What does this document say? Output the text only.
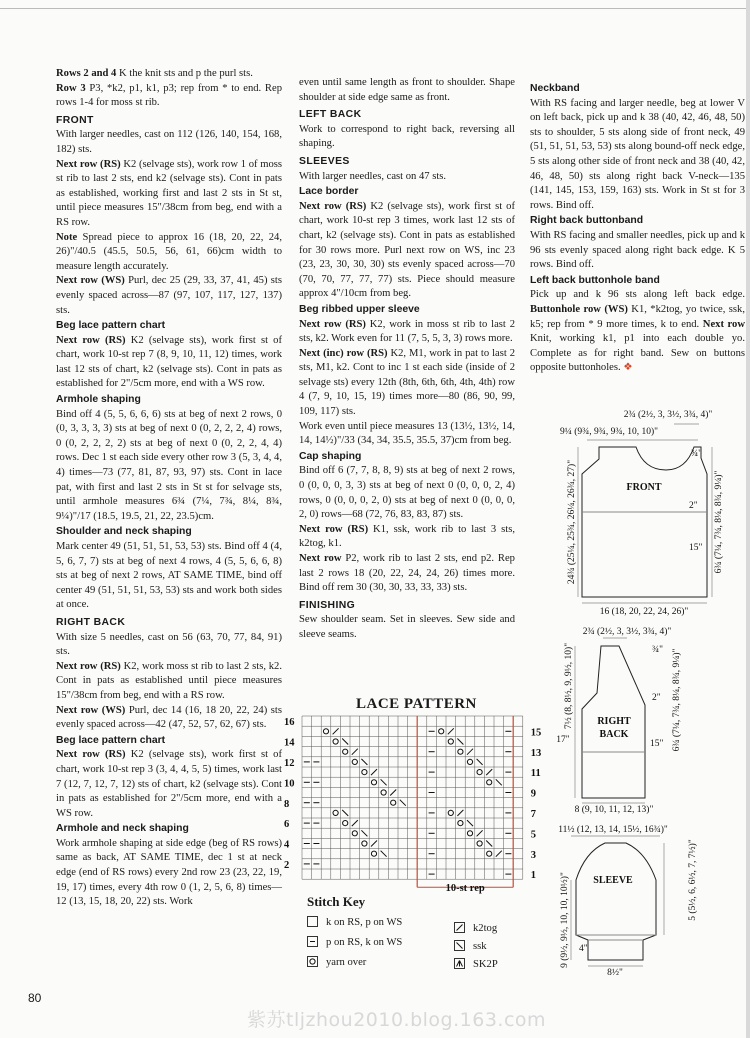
Rows 2 and 4 K the knit sts and p the purl sts.

Row 3 P3, *k2, p1, k1, p3; rep from * to end. Rep rows 1-4 for moss st rib.

FRONT

With larger needles, cast on 112 (126, 140, 154, 168, 182) sts.

Next row (RS) K2 (selvage sts), work row 1 of moss st rib to last 2 sts, end k2 (selvage sts). Cont in pats as established, working first and last 2 sts in St st, until piece measures 15"/38cm from beg, end with a RS row.

Note Spread piece to approx 16 (18, 20, 22, 24, 26)"/40.5 (45.5, 50.5, 56, 61, 66)cm width to measure length accurately.

Next row (WS) Purl, dec 25 (29, 33, 37, 41, 45) sts evenly spaced across—87 (97, 107, 117, 127, 137) sts.

Beg lace pattern chart

Next row (RS) K2 (selvage sts), work first st of chart, work 10-st rep 7 (8, 9, 10, 11, 12) times, work last 12 sts of chart, k2 (selvage sts). Cont in pats as established for 2"/5cm more, end with a WS row.

Armhole shaping

Bind off 4 (5, 5, 6, 6, 6) sts at beg of next 2 rows, 0 (0, 3, 3, 3, 3) sts at beg of next 0 (0, 2, 2, 2, 4) rows, 0 (0, 2, 2, 2, 2) sts at beg of next 0 (0, 2, 2, 4, 4) rows. Dec 1 st each side every other row 3 (5, 3, 4, 4, 4) times—73 (77, 81, 87, 93, 97) sts. Cont in lace pat, with first and last 2 sts in St st for selvage sts, until armhole measures 6¾ (7¼, 7¾, 8¼, 8¾, 9¼)"/17 (18.5, 19.5, 21, 22, 23.5)cm.

Shoulder and neck shaping

Mark center 49 (51, 51, 51, 53, 53) sts. Bind off 4 (4, 5, 6, 7, 7) sts at beg of next 4 rows, 4 (5, 5, 6, 6, 8) sts at beg of next 2 rows, AT SAME TIME, bind off center 49 (51, 51, 51, 53, 53) sts and work both sides at once.

RIGHT BACK

With size 5 needles, cast on 56 (63, 70, 77, 84, 91) sts.

Next row (RS) K2, work moss st rib to last 2 sts, k2. Cont in pats as established until piece measures 15"/38cm from beg, end with a RS row.

Next row (WS) Purl, dec 14 (16, 18 20, 22, 24) sts evenly spaced across—42 (47, 52, 57, 62, 67) sts.

Beg lace pattern chart

Next row (RS) K2 (selvage sts), work first st of chart, work 10-st rep 3 (3, 4, 4, 5, 5) times, work last 7 (12, 7, 12, 7, 12) sts of chart, k2 (selvage sts). Cont in pats as established for 2"/5cm more, end with a WS row.

Armhole and neck shaping

Work armhole shaping at side edge (beg of RS rows) same as back, AT SAME TIME, dec 1 st at neck edge (end of RS rows) every 2nd row 23 (23, 22, 19, 19, 17) times, every 4th row 0 (1, 2, 5, 6, 8) times—12 (13, 15, 18, 20, 22) sts. Work

even until same length as front to shoulder. Shape shoulder at side edge same as front.

LEFT BACK

Work to correspond to right back, reversing all shaping.

SLEEVES

With larger needles, cast on 47 sts.

Lace border

Next row (RS) K2 (selvage sts), work first st of chart, work 10-st rep 3 times, work last 12 sts of chart, k2 (selvage sts). Cont in pats as established for 30 rows more. Purl next row on WS, inc 23 (23, 23, 30, 30, 30) sts evenly spaced across—70 (70, 70, 77, 77, 77) sts. Piece should measure approx 4"/10cm from beg.

Beg ribbed upper sleeve

Next row (RS) K2, work in moss st rib to last 2 sts, k2. Work even for 11 (7, 5, 5, 3, 3) rows more.

Next (inc) row (RS) K2, M1, work in pat to last 2 sts, M1, k2. Cont to inc 1 st each side (inside of 2 selvage sts) every 12th (8th, 6th, 6th, 4th, 4th) row 4 (7, 9, 10, 15, 19) times more—80 (86, 90, 99, 109, 117) sts.

Work even until piece measures 13 (13½, 13½, 14, 14, 14½)"/33 (34, 34, 35.5, 35.5, 37)cm from beg.

Cap shaping

Bind off 6 (7, 7, 8, 8, 9) sts at beg of next 2 rows, 0 (0, 0, 0, 3, 3) sts at beg of next 0 (0, 0, 0, 2, 4) rows, 0 (0, 0, 0, 2, 0) sts at beg of next 0 (0, 0, 0, 2, 0) rows—68 (72, 76, 83, 83, 87) sts.

Next row (RS) K1, ssk, work rib to last 3 sts, k2tog, k1.

Next row P2, work rib to last 2 sts, end p2. Rep last 2 rows 18 (20, 22, 24, 24, 26) times more. Bind off rem 30 (30, 30, 33, 33, 33) sts.

FINISHING

Sew shoulder seam. Set in sleeves. Sew side and sleeve seams.

Neckband

With RS facing and larger needle, beg at lower V on left back, pick up and k 38 (40, 42, 46, 48, 50) sts to shoulder, 5 sts along side of front neck, 49 (51, 51, 51, 53, 53) sts along bound-off neck edge, 5 sts along other side of front neck and 38 (40, 42, 46, 48, 50) sts along right back V-neck—135 (141, 145, 153, 159, 163) sts. Work in St st for 3 rows. Bind off.

Right back buttonband

With RS facing and smaller needles, pick up and k 96 sts evenly spaced along right back edge. K 5 rows. Bind off.

Left back buttonhole band

Pick up and k 96 sts along left back edge. Buttonhole row (WS) K1, *k2tog, yo twice, ssk, k5; rep from * 9 more times, k to end. Next row Knit, working k1, p1 into each double yo. Complete as for right band. Sew on buttons opposite buttonholes. ❖

2¾ (2½, 3, 3½, 3¾, 4)"
9¼ (9¾, 9¾, 9¾, 10, 10)"
FRONT
¾"
2"
15"
16 (18, 20, 22, 24, 26)"
6¾ (7¼, 7¾, 8¼, 8¾, 9¼)"
24¾ (25¼, 25¾, 26¼, 26¾, 27)"
2¾ (2½, 3, 3½, 3¾, 4)"
¾"
2"
15"
17"
RIGHT
BACK
7½ (8, 8½, 9, 9½, 10)"	6¾ (7¼, 7¾, 8¼, 8¾, 9¼)"
8 (9, 10, 11, 12, 13)"
11½ (12, 13, 14, 15½, 16¾)"
SLEEVE	5 (5½, 6, 6½, 7, 7½)"
9 (9½, 9½, 10, 10, 10½)" 4"
8½"
LACE PATTERN
10-st rep
16
14
12
10
8
6
4
2
15
13
11
9
7
5
3
1
Stitch Key
k on RS, p on WS
p on RS, k on WS
yarn over
k2tog
ssk
SK2P
80
紫苏tljzhou2010.blog.163.com
